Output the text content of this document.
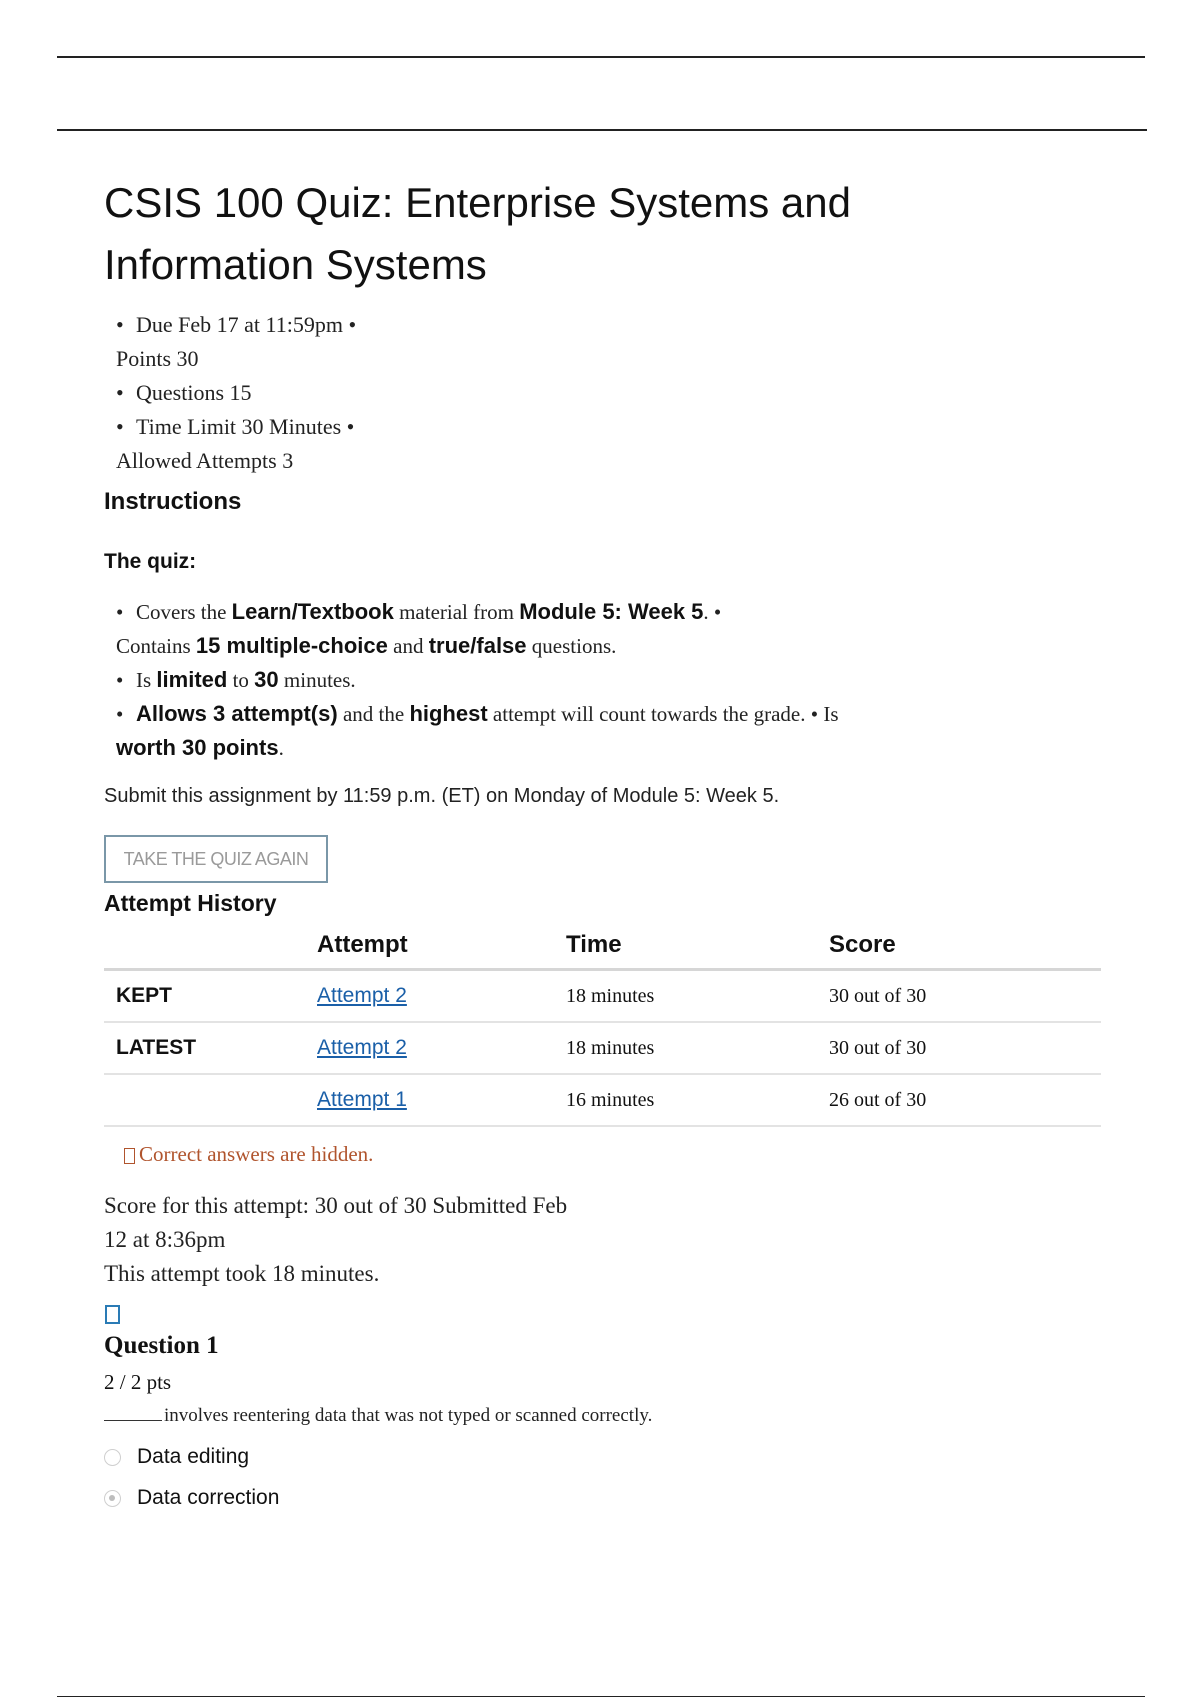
CSIS 100 Quiz: Enterprise Systems and Information Systems
• Due Feb 17 at 11:59pm •
Points 30
• Questions 15
• Time Limit 30 Minutes •
Allowed Attempts 3
Instructions
The quiz:
• Covers the Learn/Textbook material from Module 5: Week 5. •
Contains 15 multiple-choice and true/false questions.
• Is limited to 30 minutes.
• Allows 3 attempt(s) and the highest attempt will count towards the grade. • Is
worth 30 points.
Submit this assignment by 11:59 p.m. (ET) on Monday of Module 5: Week 5.
TAKE THE QUIZ AGAIN
Attempt History
	Attempt	Time	Score
KEPT	Attempt 2	18 minutes	30 out of 30
LATEST	Attempt 2	18 minutes	30 out of 30
	Attempt 1	16 minutes	26 out of 30
Correct answers are hidden.
Score for this attempt: 30 out of 30 Submitted Feb
12 at 8:36pm
This attempt took 18 minutes.
Question 1
2 / 2 pts
involves reentering data that was not typed or scanned correctly.
Data editing
Data correction
